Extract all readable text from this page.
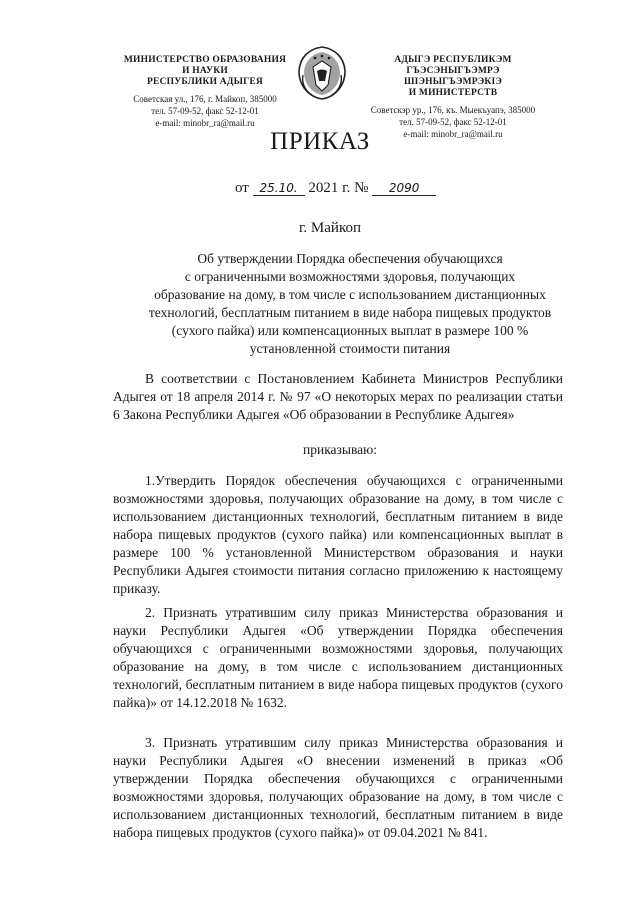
МИНИСТЕРСТВО ОБРАЗОВАНИЯ
И НАУКИ
РЕСПУБЛИКИ АДЫГЕЯ
Советская ул., 176, г. Майкоп, 385000
тел. 57-09-52, факс 52-12-01
e-mail: minobr_ra@mail.ru
АДЫГЭ РЕСПУБЛИКЭМ
ГЪЭСЭНЫГЪЭМРЭ ШIЭНЫГЪЭМРЭКIЭ
И МИНИСТЕРСТВ
Советскэр ур., 176, къ. Мыекъуапэ, 385000
тел. 57-09-52, факс 52-12-01
e-mail: minobr_ra@mail.ru
ПРИКАЗ
от 25.10. 2021 г. № 2090
г. Майкоп
Об утверждении Порядка обеспечения обучающихся
с ограниченными возможностями здоровья, получающих
образование на дому, в том числе с использованием дистанционных
технологий, бесплатным питанием в виде набора пищевых продуктов
(сухого пайка) или компенсационных выплат в размере 100 %
установленной стоимости питания
В соответствии с Постановлением Кабинета Министров Республики Адыгея от 18 апреля 2014 г. № 97 «О некоторых мерах по реализации статьи 6 Закона Республики Адыгея «Об образовании в Республике Адыгея»
приказываю:
1.Утвердить Порядок обеспечения обучающихся с ограниченными возможностями здоровья, получающих образование на дому, в том числе с использованием дистанционных технологий, бесплатным питанием в виде набора пищевых продуктов (сухого пайка) или компенсационных выплат в размере 100 % установленной Министерством образования и науки Республики Адыгея стоимости питания согласно приложению к настоящему приказу.
2. Признать утратившим силу приказ Министерства образования и науки Республики Адыгея «Об утверждении Порядка обеспечения обучающихся с ограниченными возможностями здоровья, получающих образование на дому, в том числе с использованием дистанционных технологий, бесплатным питанием в виде набора пищевых продуктов (сухого пайка)» от 14.12.2018 № 1632.
3. Признать утратившим силу приказ Министерства образования и науки Республики Адыгея «О внесении изменений в приказ «Об утверждении Порядка обеспечения обучающихся с ограниченными возможностями здоровья, получающих образование на дому, в том числе с использованием дистанционных технологий, бесплатным питанием в виде набора пищевых продуктов (сухого пайка)» от 09.04.2021 № 841.
